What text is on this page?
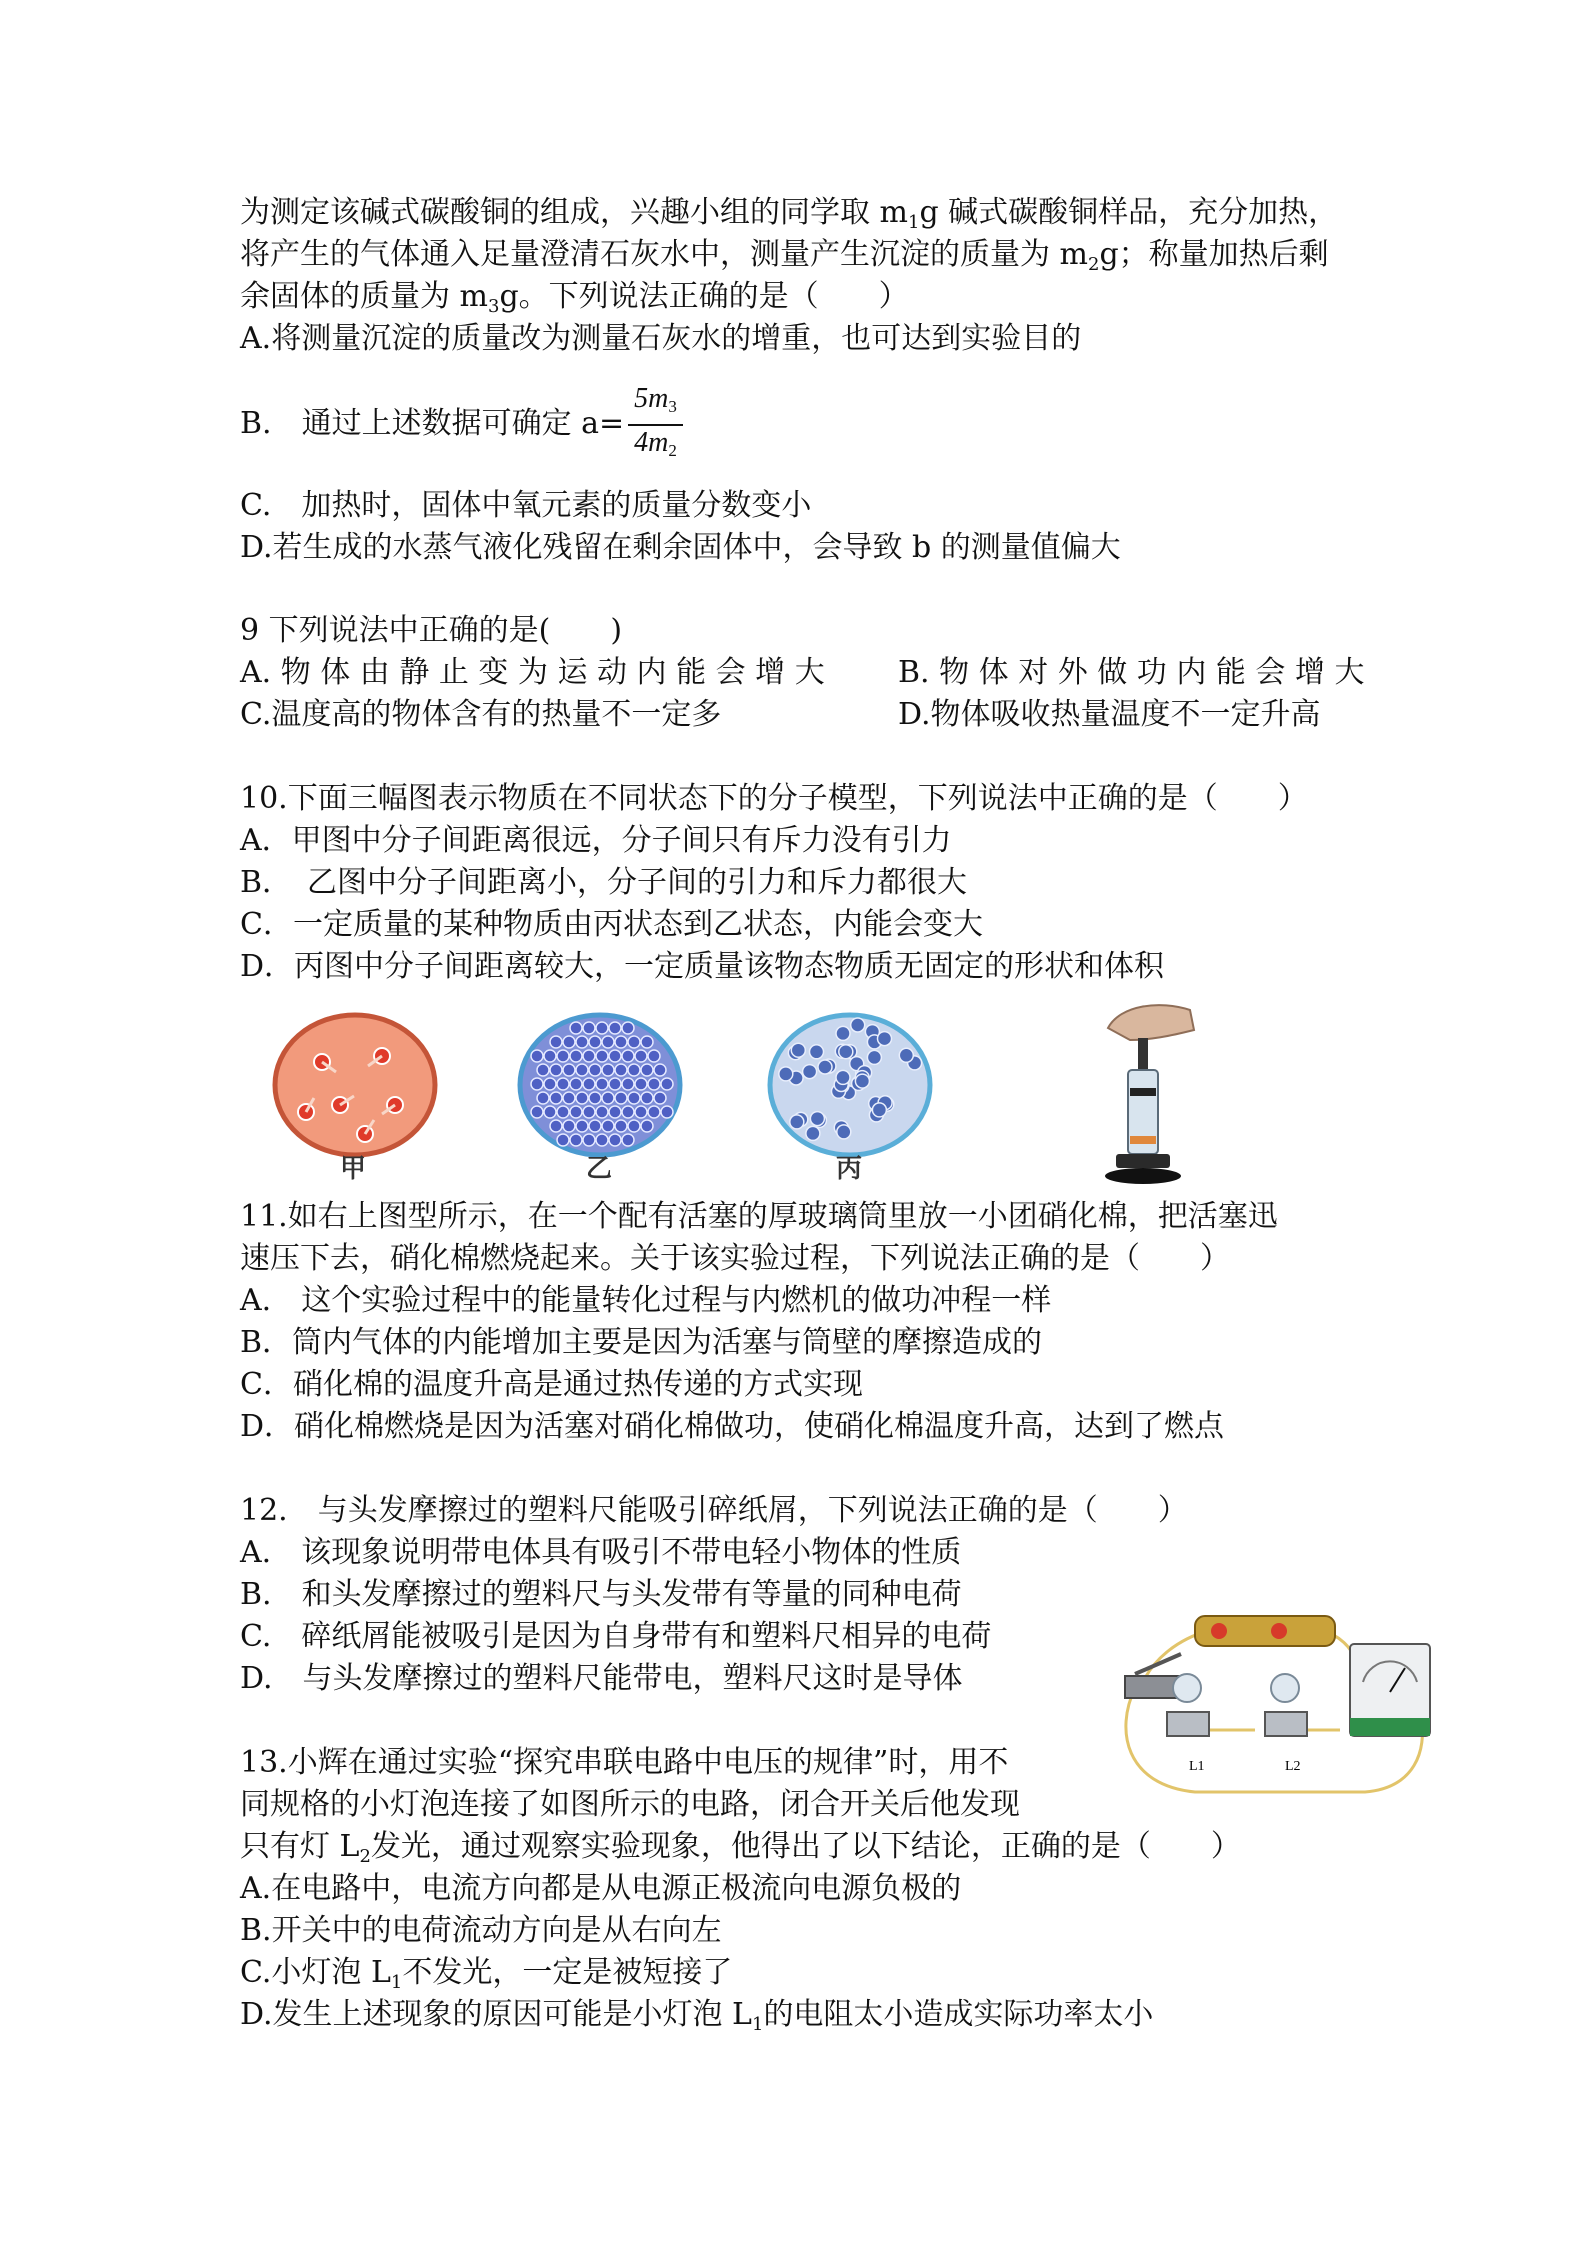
为测定该碱式碳酸铜的组成，兴趣小组的同学取 $m_1g$ 碱式碳酸铜样品，充分加热，
将产生的气体通入足量澄清石灰水中，测量产生沉淀的质量为 $m_2g$；称量加热后剩
余固体的质量为 $m_3g$。下列说法正确的是（　　）
A.将测量沉淀的质量改为测量石灰水的增重，也可达到实验目的
B.　通过上述数据可确定 $a= \frac{5m_3}{4m_2}$
C.　加热时，固体中氧元素的质量分数变小
D.若生成的水蒸气液化残留在剩余固体中，会导致 b 的测量值偏大
9 下列说法中正确的是(　　)
A. 物 体 由 静 止 变 为 运 动 内 能 会 增 大 B. 物 体 对 外 做 功 内 能 会 增 大
C.温度高的物体含有的热量不一定多	D.物体吸收热量温度不一定升高
10.下面三幅图表示物质在不同状态下的分子模型，下列说法中正确的是（　　）
A．甲图中分子间距离很远，分子间只有斥力没有引力
B．　乙图中分子间距离小，分子间的引力和斥力都很大
C．一定质量的某种物质由丙状态到乙状态，内能会变大
D．丙图中分子间距离较大，一定质量该物态物质无固定的形状和体积
甲	乙	丙
11.如右上图型所示，在一个配有活塞的厚玻璃筒里放一小团硝化棉，把活塞迅
速压下去，硝化棉燃烧起来。关于该实验过程，下列说法正确的是（　　）
A.　这个实验过程中的能量转化过程与内燃机的做功冲程一样
B．筒内气体的内能增加主要是因为活塞与筒壁的摩擦造成的
C．硝化棉的温度升高是通过热传递的方式实现
D．硝化棉燃烧是因为活塞对硝化棉做功，使硝化棉温度升高，达到了燃点
12.　与头发摩擦过的塑料尺能吸引碎纸屑，下列说法正确的是（　　）
A.　该现象说明带电体具有吸引不带电轻小物体的性质
B.　和头发摩擦过的塑料尺与头发带有等量的同种电荷
C.　碎纸屑能被吸引是因为自身带有和塑料尺相异的电荷
D.　与头发摩擦过的塑料尺能带电，塑料尺这时是导体
L1	L2
13.小辉在通过实验“探究串联电路中电压的规律”时，用不
同规格的小灯泡连接了如图所示的电路，闭合开关后他发现
只有灯 $L_2$发光，通过观察实验现象，他得出了以下结论，正确的是（　　）
A.在电路中，电流方向都是从电源正极流向电源负极的
B.开关中的电荷流动方向是从右向左
C.小灯泡 $L_1$不发光，一定是被短接了
D.发生上述现象的原因可能是小灯泡 $L_1$的电阻太小造成实际功率太小
